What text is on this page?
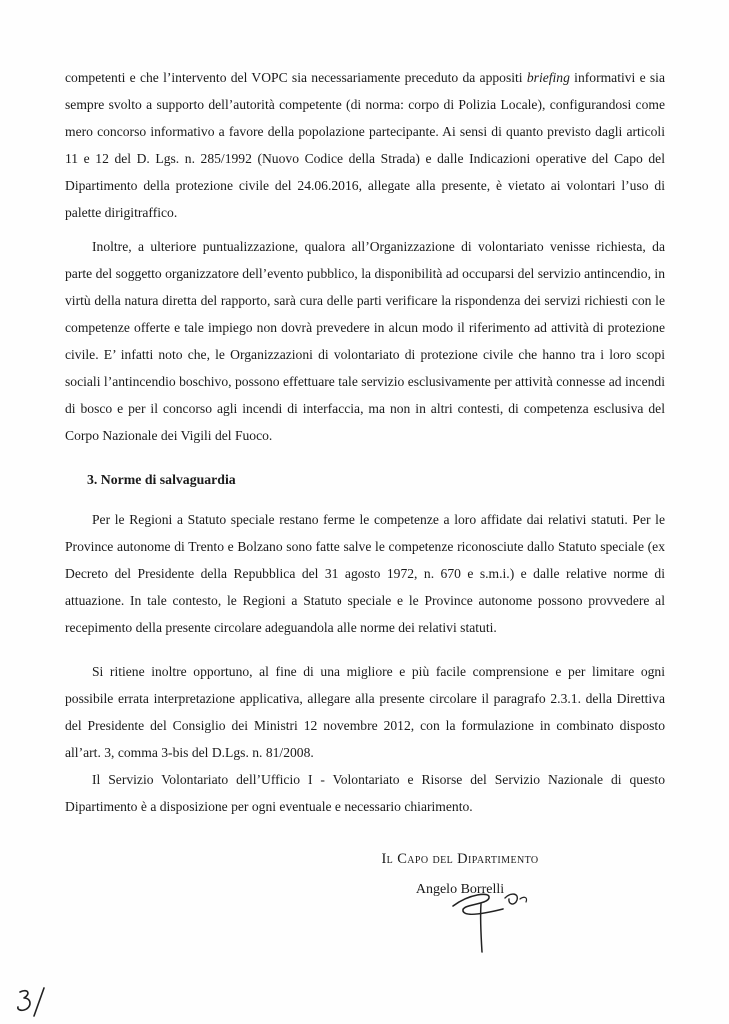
competenti e che l’intervento del VOPC sia necessariamente preceduto da appositi briefing informativi e sia sempre svolto a supporto dell’autorità competente (di norma: corpo di Polizia Locale), configurandosi come mero concorso informativo a favore della popolazione partecipante. Ai sensi di quanto previsto dagli articoli 11 e 12 del D. Lgs. n. 285/1992 (Nuovo Codice della Strada) e dalle Indicazioni operative del Capo del Dipartimento della protezione civile del 24.06.2016, allegate alla presente, è vietato ai volontari l’uso di palette dirigitraffico.

Inoltre, a ulteriore puntualizzazione, qualora all’Organizzazione di volontariato venisse richiesta, da parte del soggetto organizzatore dell’evento pubblico, la disponibilità ad occuparsi del servizio antincendio, in virtù della natura diretta del rapporto, sarà cura delle parti verificare la rispondenza dei servizi richiesti con le competenze offerte e tale impiego non dovrà prevedere in alcun modo il riferimento ad attività di protezione civile. E’ infatti noto che, le Organizzazioni di volontariato di protezione civile che hanno tra i loro scopi sociali l’antincendio boschivo, possono effettuare tale servizio esclusivamente per attività connesse ad incendi di bosco e per il concorso agli incendi di interfaccia, ma non in altri contesti, di competenza esclusiva del Corpo Nazionale dei Vigili del Fuoco.

3. Norme di salvaguardia

Per le Regioni a Statuto speciale restano ferme le competenze a loro affidate dai relativi statuti. Per le Province autonome di Trento e Bolzano sono fatte salve le competenze riconosciute dallo Statuto speciale (ex Decreto del Presidente della Repubblica del 31 agosto 1972, n. 670 e s.m.i.) e dalle relative norme di attuazione. In tale contesto, le Regioni a Statuto speciale e le Province autonome possono provvedere al recepimento della presente circolare adeguandola alle norme dei relativi statuti.

Si ritiene inoltre opportuno, al fine di una migliore e più facile comprensione e per limitare ogni possibile errata interpretazione applicativa, allegare alla presente circolare il paragrafo 2.3.1. della Direttiva del Presidente del Consiglio dei Ministri 12 novembre 2012, con la formulazione in combinato disposto all’art. 3, comma 3-bis del D.Lgs. n. 81/2008.

Il Servizio Volontariato dell’Ufficio I - Volontariato e Risorse del Servizio Nazionale di questo Dipartimento è a disposizione per ogni eventuale e necessario chiarimento.

Il Capo del Dipartimento
Angelo Borrelli
